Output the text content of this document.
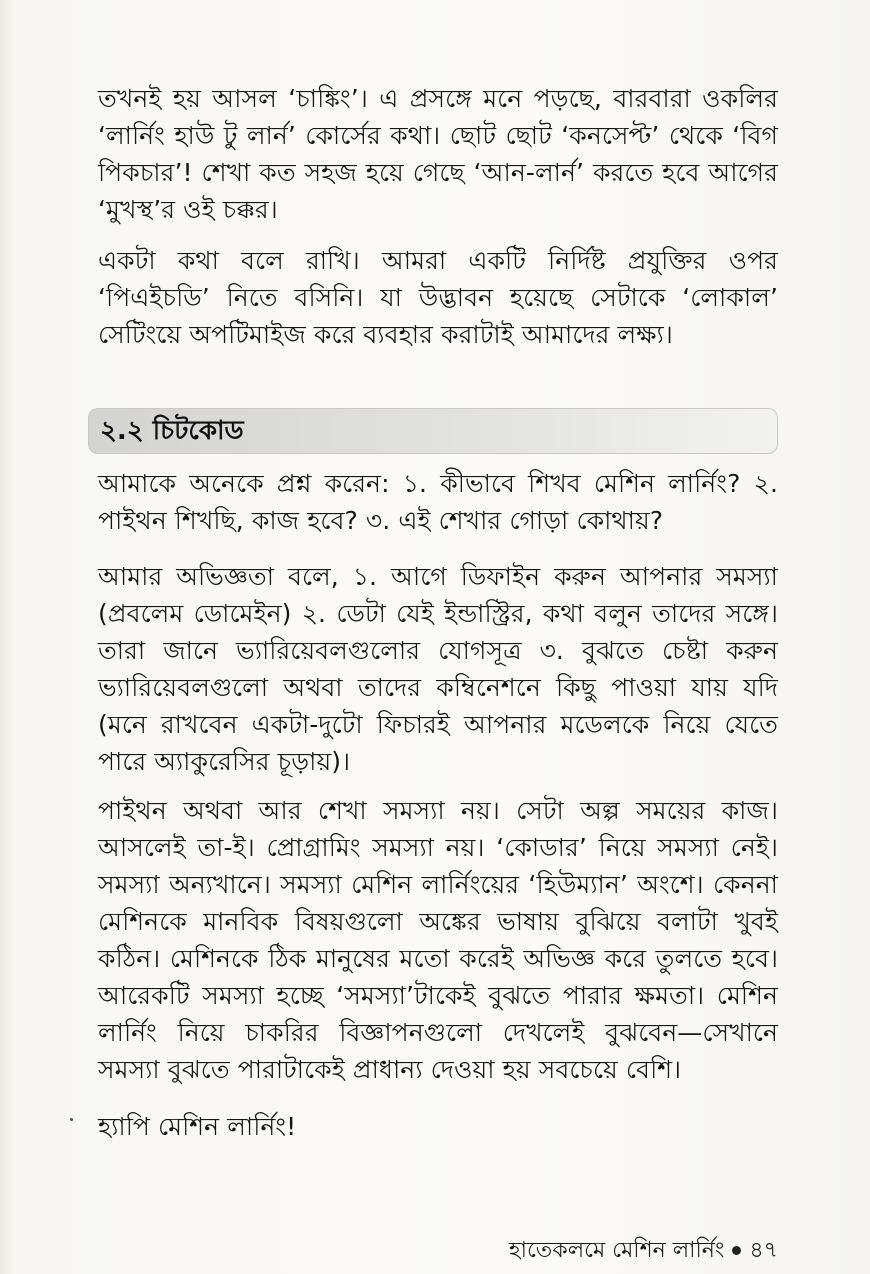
তখনই হয় আসল ‘চাঙ্কিং’। এ প্রসঙ্গে মনে পড়ছে, বারবারা ওকলির ‘লার্নিং হাউ টু লার্ন’ কোর্সের কথা। ছোট ছোট ‘কনসেপ্ট’ থেকে ‘বিগ পিকচার’! শেখা কত সহজ হয়ে গেছে ‘আন-লার্ন’ করতে হবে আগের ‘মুখস্থ’র ওই চক্কর।

একটা কথা বলে রাখি। আমরা একটি নির্দিষ্ট প্রযুক্তির ওপর ‘পিএইচডি’ নিতে বসিনি। যা উদ্ভাবন হয়েছে সেটাকে ‘লোকাল’ সেটিংয়ে অপটিমাইজ করে ব্যবহার করাটাই আমাদের লক্ষ্য।

২.২ চিটকোড

আমাকে অনেকে প্রশ্ন করেন: ১. কীভাবে শিখব মেশিন লার্নিং? ২. পাইথন শিখছি, কাজ হবে? ৩. এই শেখার গোড়া কোথায়?

আমার অভিজ্ঞতা বলে, ১. আগে ডিফাইন করুন আপনার সমস্যা (প্রবলেম ডোমেইন) ২. ডেটা যেই ইন্ডাস্ট্রির, কথা বলুন তাদের সঙ্গে। তারা জানে ভ্যারিয়েবলগুলোর যোগসূত্র ৩. বুঝতে চেষ্টা করুন ভ্যারিয়েবলগুলো অথবা তাদের কম্বিনেশনে কিছু পাওয়া যায় যদি (মনে রাখবেন একটা-দুটো ফিচারই আপনার মডেলকে নিয়ে যেতে পারে অ্যাকুরেসির চূড়ায়)।

পাইথন অথবা আর শেখা সমস্যা নয়। সেটা অল্প সময়ের কাজ। আসলেই তা-ই। প্রোগ্রামিং সমস্যা নয়। ‘কোডার’ নিয়ে সমস্যা নেই। সমস্যা অন্যখানে। সমস্যা মেশিন লার্নিংয়ের ‘হিউম্যান’ অংশে। কেননা মেশিনকে মানবিক বিষয়গুলো অঙ্কের ভাষায় বুঝিয়ে বলাটা খুবই কঠিন। মেশিনকে ঠিক মানুষের মতো করেই অভিজ্ঞ করে তুলতে হবে। আরেকটি সমস্যা হচ্ছে ‘সমস্যা’টাকেই বুঝতে পারার ক্ষমতা। মেশিন লার্নিং নিয়ে চাকরির বিজ্ঞাপনগুলো দেখলেই বুঝবেন—সেখানে সমস্যা বুঝতে পারাটাকেই প্রাধান্য দেওয়া হয় সবচেয়ে বেশি।

হ্যাপি মেশিন লার্নিং!

হাতেকলমে মেশিন লার্নিং ৪৭
